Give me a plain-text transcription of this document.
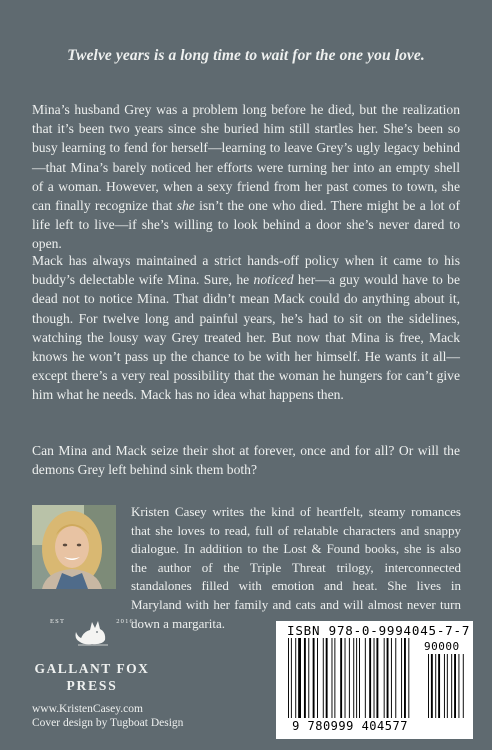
Twelve years is a long time to wait for the one you love.

Mina’s husband Grey was a problem long before he died, but the realization that it’s been two years since she buried him still startles her. She’s been so busy learning to fend for herself—learning to leave Grey’s ugly legacy behind—that Mina’s barely noticed her efforts were turning her into an empty shell of a woman. However, when a sexy friend from her past comes to town, she can finally recognize that she isn’t the one who died. There might be a lot of life left to live—if she’s willing to look behind a door she’s never dared to open.

Mack has always maintained a strict hands-off policy when it came to his buddy’s delectable wife Mina. Sure, he noticed her—a guy would have to be dead not to notice Mina. That didn’t mean Mack could do anything about it, though. For twelve long and painful years, he’s had to sit on the sidelines, watching the lousy way Grey treated her. But now that Mina is free, Mack knows he won’t pass up the chance to be with her himself. He wants it all—except there’s a very real possibility that the woman he hungers for can’t give him what he needs. Mack has no idea what happens then.

Can Mina and Mack seize their shot at forever, once and for all? Or will the demons Grey left behind sink them both?

Kristen Casey writes the kind of heartfelt, steamy romances that she loves to read, full of relatable characters and snappy dialogue. In addition to the Lost & Found books, she is also the author of the Triple Threat trilogy, interconnected standalones filled with emotion and heat. She lives in Maryland with her family and cats and will almost never turn down a margarita.

EST	2016
GALLANT FOX
PRESS
www.KristenCasey.com
Cover design by Tugboat Design
ISBN 978-0-9994045-7-7
90000
9 780999 404577
